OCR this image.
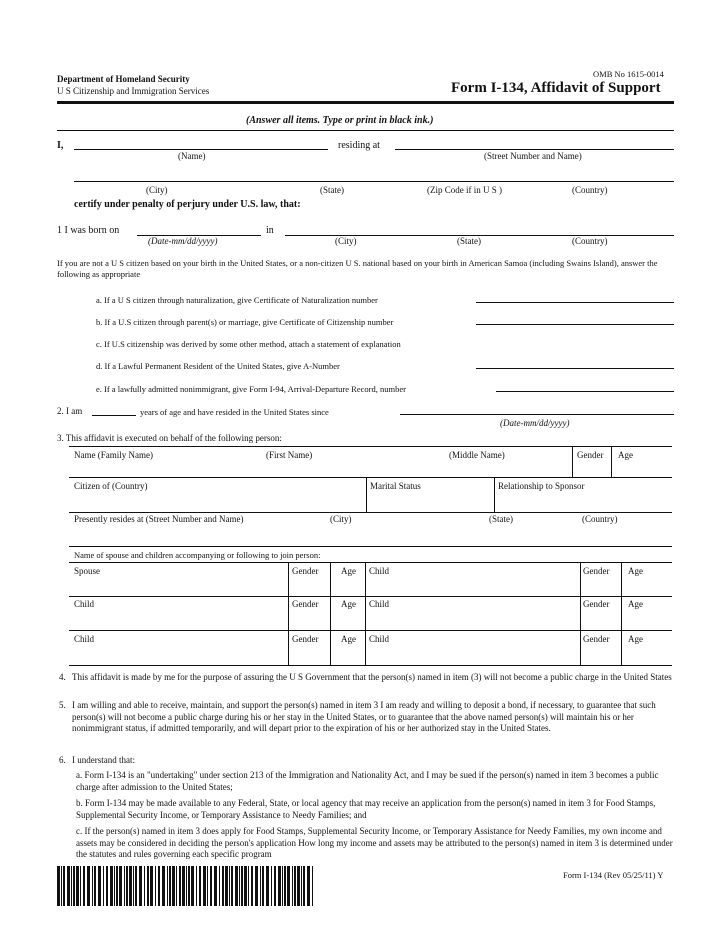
Department of Homeland Security
U S Citizenship and Immigration Services
OMB No 1615-0014
Form I-134, Affidavit of Support
(Answer all items. Type or print in black ink.)
I,
(Name)
residing at
(Street Number and Name)
(City)	(State)	(Zip Code if in U S )	(Country)
certify under penalty of perjury under U.S. law, that:
1 I was born on
(Date-mm/dd/yyyy)
in
(City)	(State)	(Country)
If you are not a U S citizen based on your birth in the United States, or a non-citizen U S. national based on your birth in American Samoa (including Swains Island), answer the following as appropriate
a. If a U S citizen through naturalization, give Certificate of Naturalization number
b. If a U.S citizen through parent(s) or marriage, give Certificate of Citizenship number
c. If U.S citizenship was derived by some other method, attach a statement of explanation
d. If a Lawful Permanent Resident of the United States, give A-Number
e. If a lawfully admitted nonimmigrant, give Form I-94, Arrival-Departure Record, number
2. I am	years of age and have resided in the United States since
(Date-mm/dd/yyyy)
3. This affidavit is executed on behalf of the following person:
Name (Family Name)	(First Name)	(Middle Name)	Gender Age
Citizen of (Country)	Marital Status	Relationship to Sponsor
Presently resides at (Street Number and Name)	(City)	(State)	(Country)
Name of spouse and children accompanying or following to join person:
Spouse	Gender	Age Child	Gender Age
Child	Gender	Age Child	Gender Age
Child	Gender	Age Child	Gender Age
4. This affidavit is made by me for the purpose of assuring the U S Government that the person(s) named in item (3) will not become a public charge in the United States
5. I am willing and able to receive, maintain, and support the person(s) named in item 3 I am ready and willing to deposit a bond, if necessary, to guarantee that such person(s) will not become a public charge during his or her stay in the United States, or to guarantee that the above named person(s) will maintain his or her nonimmigrant status, if admitted temporarily, and will depart prior to the expiration of his or her authorized stay in the United States.
6. I understand that:
a. Form I-134 is an "undertaking" under section 213 of the Immigration and Nationality Act, and I may be sued if the person(s) named in item 3 becomes a public charge after admission to the United States;
b. Form I-134 may be made available to any Federal, State, or local agency that may receive an application from the person(s) named in item 3 for Food Stamps, Supplemental Security Income, or Temporary Assistance to Needy Families; and
c. If the person(s) named in item 3 does apply for Food Stamps, Supplemental Security Income, or Temporary Assistance for Needy Families, my own income and assets may be considered in deciding the person's application How long my income and assets may be attributed to the person(s) named in item 3 is determined under the statutes and rules governing each specific program
Form I-134 (Rev 05/25/11) Y
